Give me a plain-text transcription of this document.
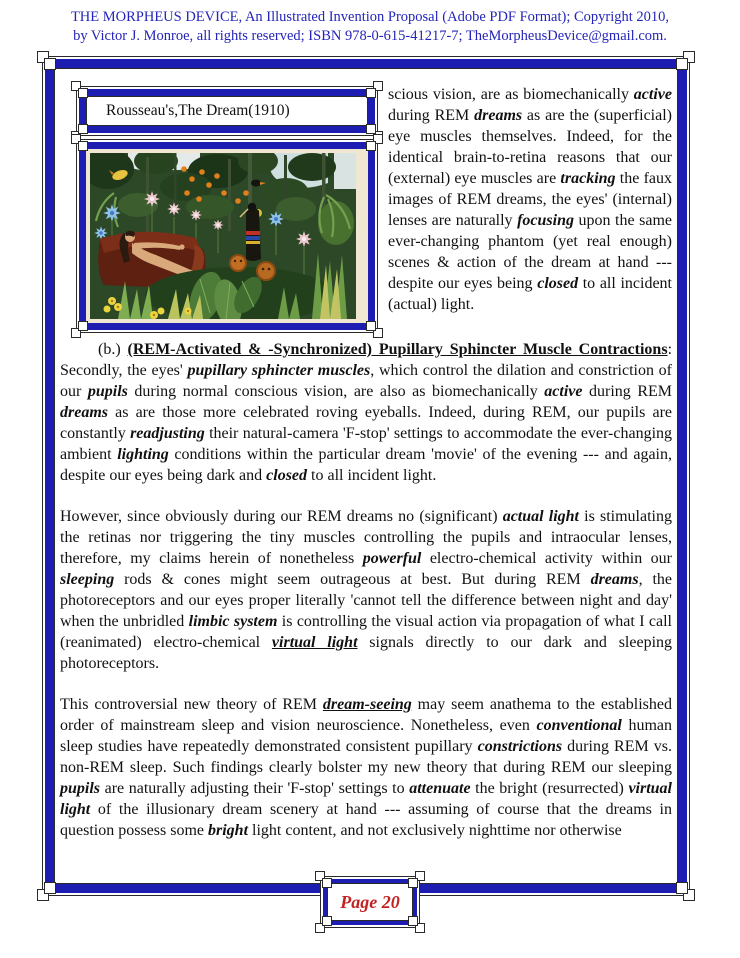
THE MORPHEUS DEVICE, An Illustrated Invention Proposal (Adobe PDF Format); Copyright 2010,
by Victor J. Monroe, all rights reserved; ISBN 978-0-615-41217-7; TheMorpheusDevice@gmail.com.
Rousseau's, The Dream (1910)

scious vision, are as biomechanically active during REM dreams as are the (superficial) eye muscles themselves. Indeed, for the identical brain-to-retina reasons that our (external) eye muscles are tracking the faux images of REM dreams, the eyes' (internal) lenses are naturally focusing upon the same ever-changing phantom (yet real enough) scenes & action of the dream at hand --- despite our eyes being closed to all incident (actual) light.

(b.) (REM-Activated & -Synchronized) Pupillary Sphincter Muscle Contractions: Secondly, the eyes' pupillary sphincter muscles, which control the dilation and constriction of our pupils during normal conscious vision, are also as biomechanically active during REM dreams as are those more celebrated roving eyeballs. Indeed, during REM, our pupils are constantly readjusting their natural-camera 'F-stop' settings to accommodate the ever-changing ambient lighting conditions within the particular dream 'movie' of the evening --- and again, despite our eyes being dark and closed to all incident light.

However, since obviously during our REM dreams no (significant) actual light is stimulating the retinas nor triggering the tiny muscles controlling the pupils and intraocular lenses, therefore, my claims herein of nonetheless powerful electro-chemical activity within our sleeping rods & cones might seem outrageous at best. But during REM dreams, the photoreceptors and our eyes proper literally 'cannot tell the difference between night and day' when the unbridled limbic system is controlling the visual action via propagation of what I call (reanimated) electro-chemical virtual light signals directly to our dark and sleeping photoreceptors.

This controversial new theory of REM dream-seeing may seem anathema to the established order of mainstream sleep and vision neuroscience. Nonetheless, even conventional human sleep studies have repeatedly demonstrated consistent pupillary constrictions during REM vs. non-REM sleep. Such findings clearly bolster my new theory that during REM our sleeping pupils are naturally adjusting their 'F-stop' settings to attenuate the bright (resurrected) virtual light of the illusionary dream scenery at hand --- assuming of course that the dreams in question possess some bright light content, and not exclusively nighttime nor otherwise

Page 20
